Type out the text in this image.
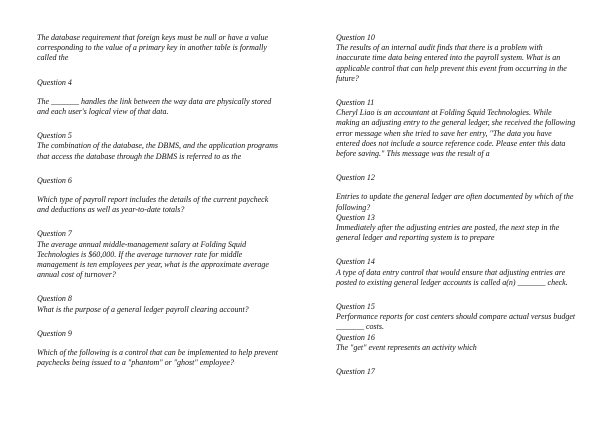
The database requirement that foreign keys must be null or have a value corresponding to the value of a primary key in another table is formally called the

Question 4
The _______ handles the link between the way data are physically stored and each user's logical view of that data.

Question 5
The combination of the database, the DBMS, and the application programs that access the database through the DBMS is referred to as the

Question 6
Which type of payroll report includes the details of the current paycheck and deductions as well as year-to-date totals?

Question 7
The average annual middle-management salary at Folding Squid Technologies is $60,000. If the average turnover rate for middle management is ten employees per year, what is the approximate average annual cost of turnover?

Question 8
What is the purpose of a general ledger payroll clearing account?

Question 9
Which of the following is a control that can be implemented to help prevent paychecks being issued to a "phantom" or "ghost" employee?

Question 10
The results of an internal audit finds that there is a problem with inaccurate time data being entered into the payroll system. What is an applicable control that can help prevent this event from occurring in the future?

Question 11
Cheryl Liao is an accountant at Folding Squid Technologies. While making an adjusting entry to the general ledger, she received the following error message when she tried to save her entry, "The data you have entered does not include a source reference code. Please enter this data before saving." This message was the result of a

Question 12
Entries to update the general ledger are often documented by which of the following?

Question 13
Immediately after the adjusting entries are posted, the next step in the general ledger and reporting system is to prepare

Question 14
A type of data entry control that would ensure that adjusting entries are posted to existing general ledger accounts is called a(n) _______ check.

Question 15
Performance reports for cost centers should compare actual versus budget _______ costs.

Question 16
The "get" event represents an activity which

Question 17
